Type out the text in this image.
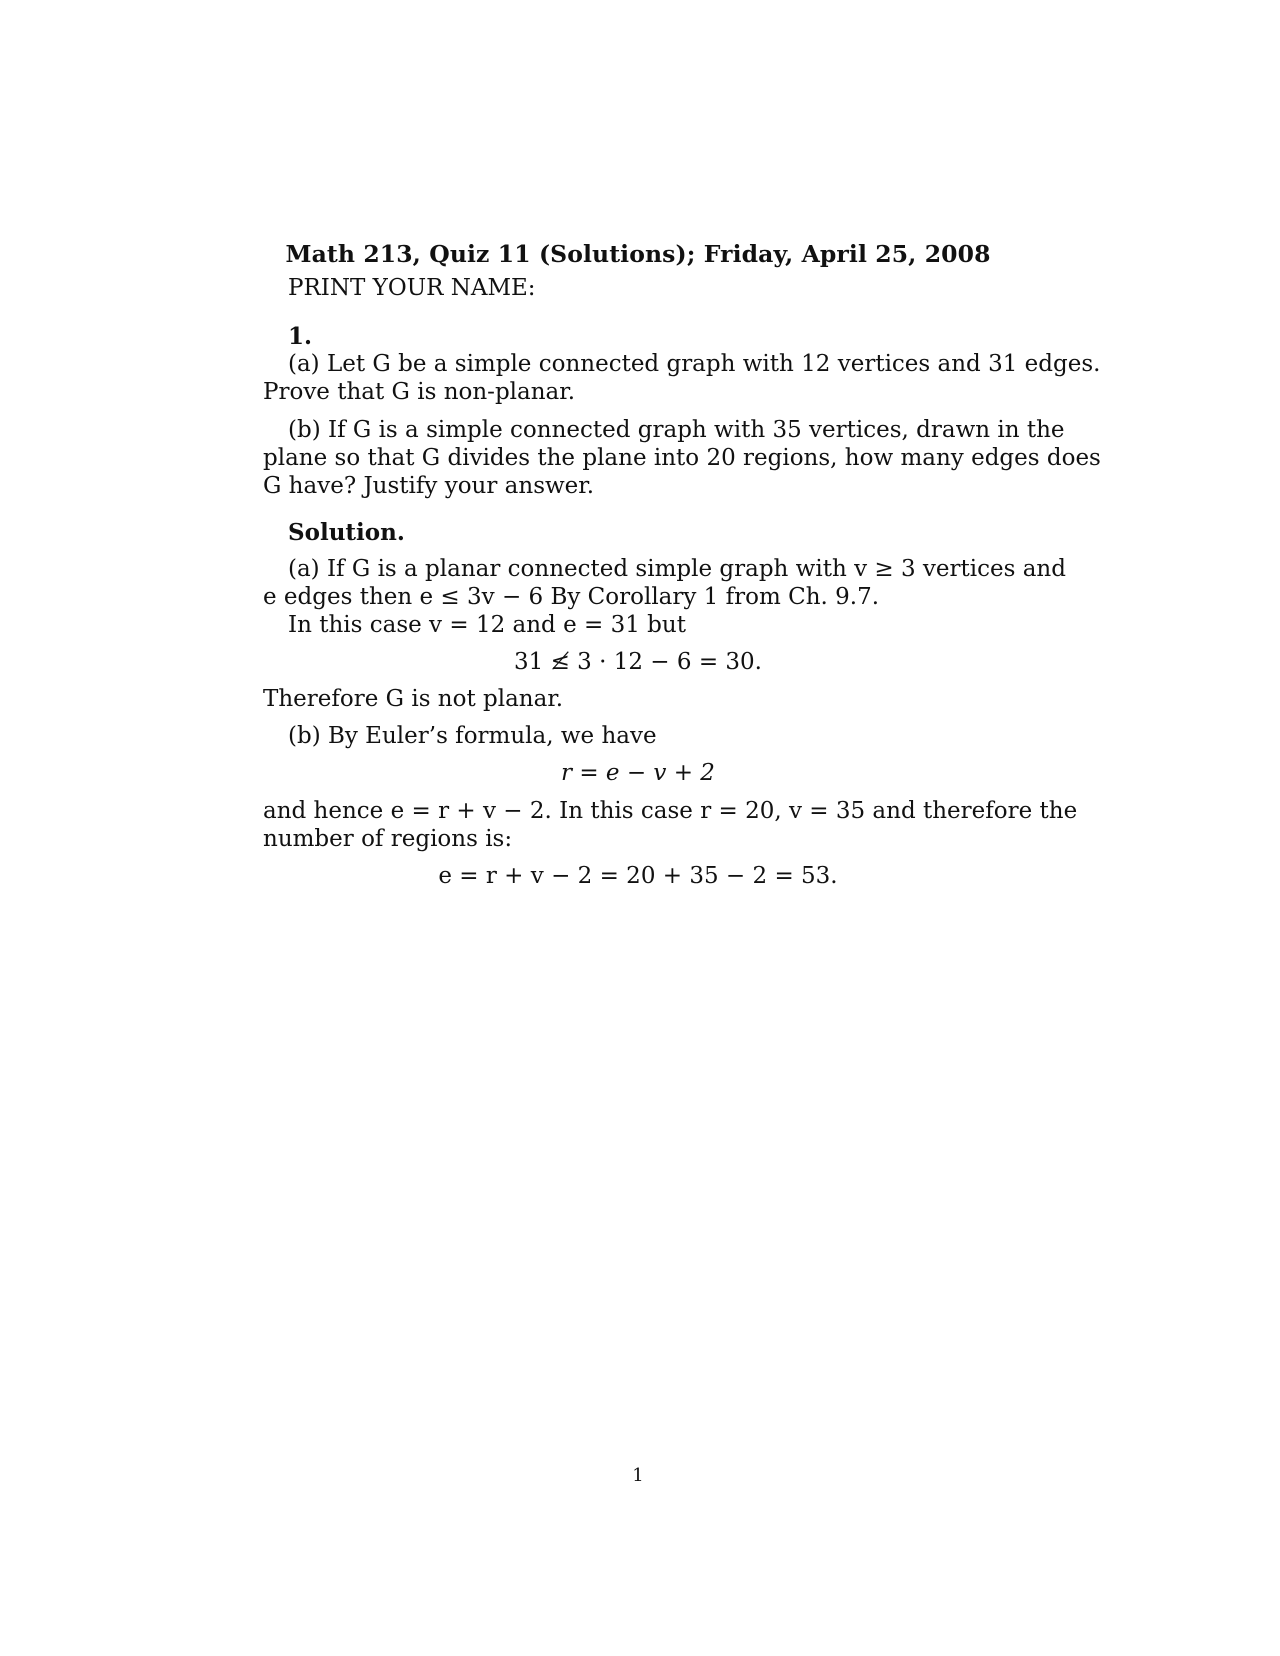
Math 213, Quiz 11 (Solutions); Friday, April 25, 2008
PRINT YOUR NAME:
1.
(a) Let G be a simple connected graph with 12 vertices and 31 edges.
Prove that G is non-planar.
(b) If G is a simple connected graph with 35 vertices, drawn in the
plane so that G divides the plane into 20 regions, how many edges does
G have? Justify your answer.
Solution.
(a) If G is a planar connected simple graph with v ≥ 3 vertices and
e edges then e ≤ 3v − 6 By Corollary 1 from Ch. 9.7.
In this case v = 12 and e = 31 but
31 ≰ 3 · 12 − 6 = 30.
Therefore G is not planar.
(b) By Euler’s formula, we have
r = e − v + 2
and hence e = r + v − 2. In this case r = 20, v = 35 and therefore the
number of regions is:
e = r + v − 2 = 20 + 35 − 2 = 53.
1
